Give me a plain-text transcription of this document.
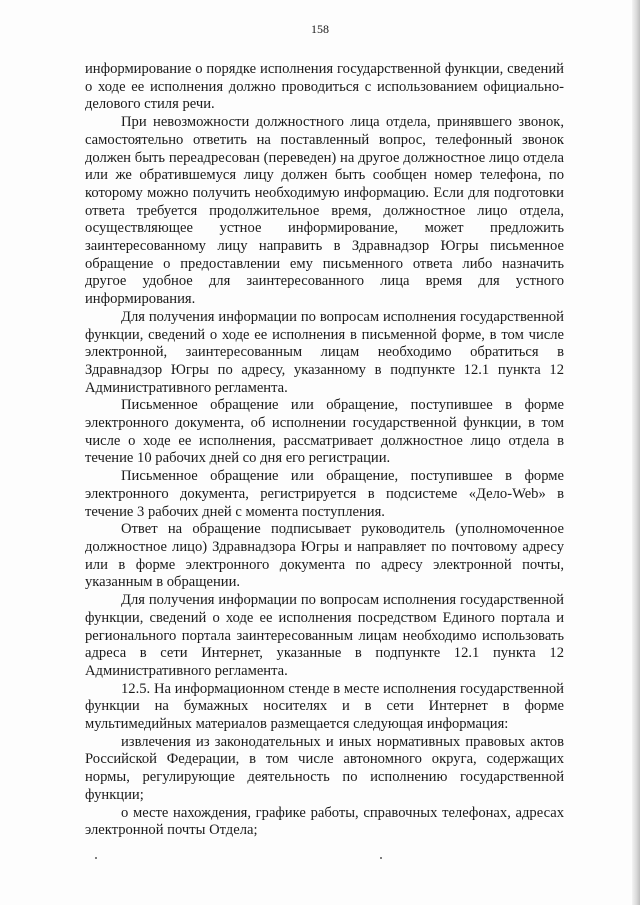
158

информирование о порядке исполнения государственной функции, сведений о ходе ее исполнения должно проводиться с использованием официально-делового стиля речи.

При невозможности должностного лица отдела, принявшего звонок, самостоятельно ответить на поставленный вопрос, телефонный звонок должен быть переадресован (переведен) на другое должностное лицо отдела или же обратившемуся лицу должен быть сообщен номер телефона, по которому можно получить необходимую информацию. Если для подготовки ответа требуется продолжительное время, должностное лицо отдела, осуществляющее устное информирование, может предложить заинтересованному лицу направить в Здравнадзор Югры письменное обращение о предоставлении ему письменного ответа либо назначить другое удобное для заинтересованного лица время для устного информирования.

Для получения информации по вопросам исполнения государственной функции, сведений о ходе ее исполнения в письменной форме, в том числе электронной, заинтересованным лицам необходимо обратиться в Здравнадзор Югры по адресу, указанному в подпункте 12.1 пункта 12 Административного регламента.

Письменное обращение или обращение, поступившее в форме электронного документа, об исполнении государственной функции, в том числе о ходе ее исполнения, рассматривает должностное лицо отдела в течение 10 рабочих дней со дня его регистрации.

Письменное обращение или обращение, поступившее в форме электронного документа, регистрируется в подсистеме «Дело-Web» в течение 3 рабочих дней с момента поступления.

Ответ на обращение подписывает руководитель (уполномоченное должностное лицо) Здравнадзора Югры и направляет по почтовому адресу или в форме электронного документа по адресу электронной почты, указанным в обращении.

Для получения информации по вопросам исполнения государственной функции, сведений о ходе ее исполнения посредством Единого портала и регионального портала заинтересованным лицам необходимо использовать адреса в сети Интернет, указанные в подпункте 12.1 пункта 12 Административного регламента.

12.5. На информационном стенде в месте исполнения государственной функции на бумажных носителях и в сети Интернет в форме мультимедийных материалов размещается следующая информация:

извлечения из законодательных и иных нормативных правовых актов Российской Федерации, в том числе автономного округа, содержащих нормы, регулирующие деятельность по исполнению государственной функции;

о месте нахождения, графике работы, справочных телефонах, адресах электронной почты Отдела;
